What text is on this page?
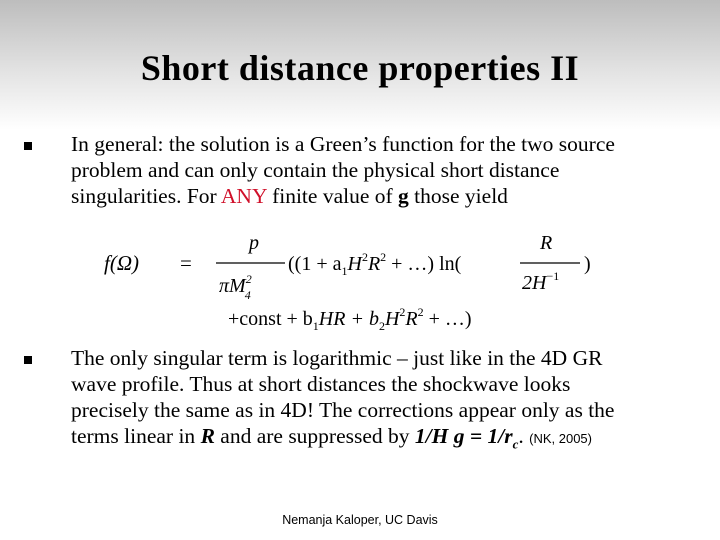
Short distance properties II
In general: the solution is a Green’s function for the two source
problem and can only contain the physical short distance
singularities. For ANY finite value of g those yield
f(Ω) =
p
$\pi M^2$ 4
(($1 + a_1H^2R^2$ + …) ln(
R
$2H^{-1}$
)
+const + $b_1HR + b_2H^2R^2$ + …)
The only singular term is logarithmic – just like in the 4D GR
wave profile. Thus at short distances the shockwave looks
precisely the same as in 4D! The corrections appear only as the
terms linear in R and are suppressed by 1/H $g = 1/r_c$. (NK, 2005)
Nemanja Kaloper, UC Davis
